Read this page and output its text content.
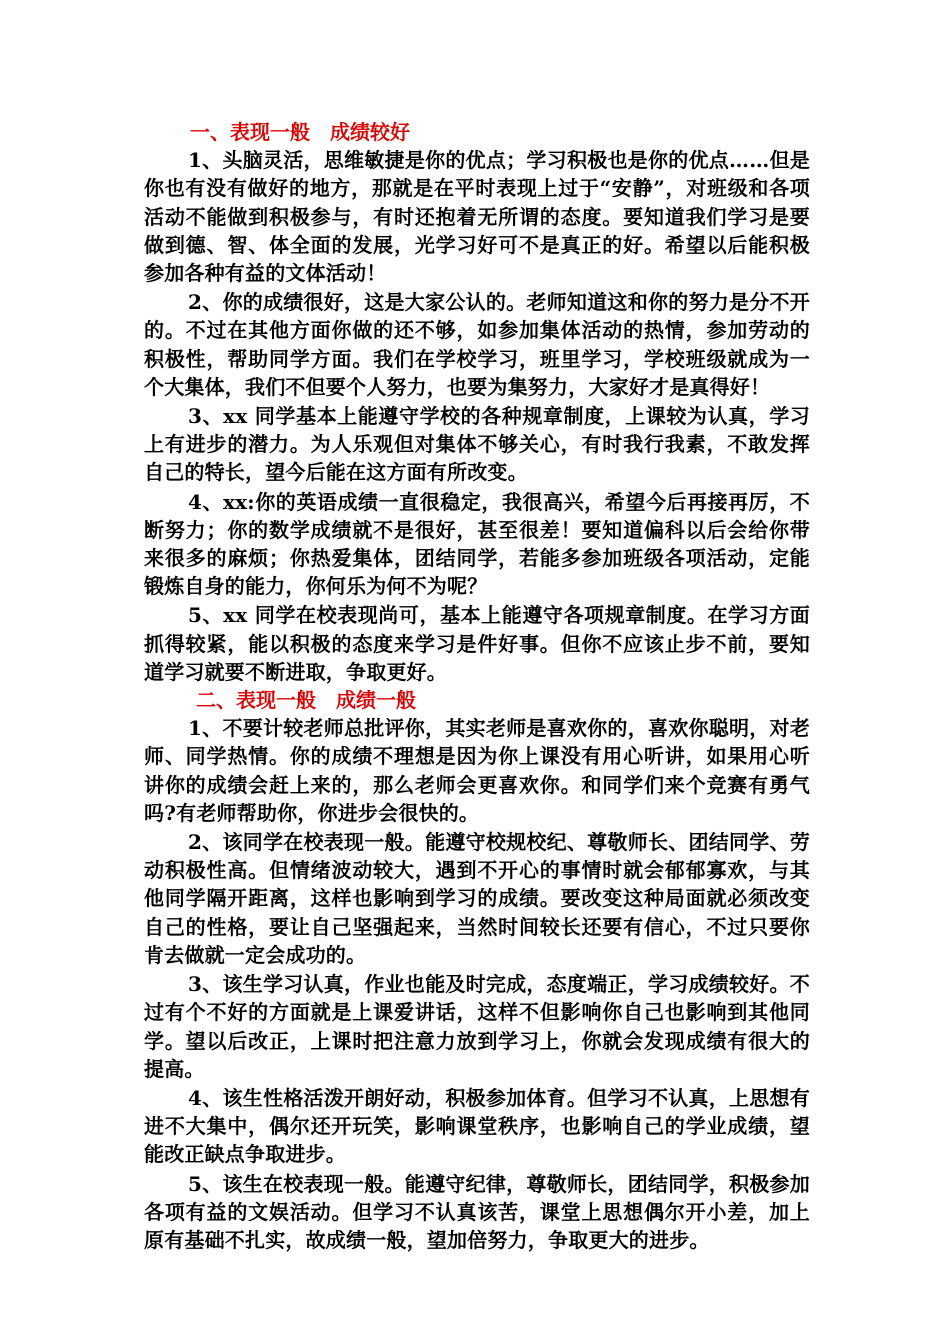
一、表现一般　成绩较好

1、头脑灵活，思维敏捷是你的优点；学习积极也是你的优点……但是你也有没有做好的地方，那就是在平时表现上过于“安静”，对班级和各项活动不能做到积极参与，有时还抱着无所谓的态度。要知道我们学习是要做到德、智、体全面的发展，光学习好可不是真正的好。希望以后能积极参加各种有益的文体活动！

2、你的成绩很好，这是大家公认的。老师知道这和你的努力是分不开的。不过在其他方面你做的还不够，如参加集体活动的热情，参加劳动的积极性，帮助同学方面。我们在学校学习，班里学习，学校班级就成为一个大集体，我们不但要个人努力，也要为集努力，大家好才是真得好！

3、xx 同学基本上能遵守学校的各种规章制度，上课较为认真，学习上有进步的潜力。为人乐观但对集体不够关心，有时我行我素，不敢发挥自己的特长，望今后能在这方面有所改变。

4、xx:你的英语成绩一直很稳定，我很高兴，希望今后再接再厉，不断努力；你的数学成绩就不是很好，甚至很差！要知道偏科以后会给你带来很多的麻烦；你热爱集体，团结同学，若能多参加班级各项活动，定能锻炼自身的能力，你何乐为何不为呢？

5、xx 同学在校表现尚可，基本上能遵守各项规章制度。在学习方面抓得较紧，能以积极的态度来学习是件好事。但你不应该止步不前，要知道学习就要不断进取，争取更好。

二、表现一般　成绩一般

1、不要计较老师总批评你，其实老师是喜欢你的，喜欢你聪明，对老师、同学热情。你的成绩不理想是因为你上课没有用心听讲，如果用心听讲你的成绩会赶上来的，那么老师会更喜欢你。和同学们来个竞赛有勇气吗?有老师帮助你，你进步会很快的。

2、该同学在校表现一般。能遵守校规校纪、尊敬师长、团结同学、劳动积极性高。但情绪波动较大，遇到不开心的事情时就会郁郁寡欢，与其他同学隔开距离，这样也影响到学习的成绩。要改变这种局面就必须改变自己的性格，要让自己坚强起来，当然时间较长还要有信心，不过只要你肯去做就一定会成功的。

3、该生学习认真，作业也能及时完成，态度端正，学习成绩较好。不过有个不好的方面就是上课爱讲话，这样不但影响你自己也影响到其他同学。望以后改正，上课时把注意力放到学习上，你就会发现成绩有很大的提高。

4、该生性格活泼开朗好动，积极参加体育。但学习不认真，上思想有进不大集中，偶尔还开玩笑，影响课堂秩序，也影响自己的学业成绩，望能改正缺点争取进步。

5、该生在校表现一般。能遵守纪律，尊敬师长，团结同学，积极参加各项有益的文娱活动。但学习不认真该苦，课堂上思想偶尔开小差，加上原有基础不扎实，故成绩一般，望加倍努力，争取更大的进步。
